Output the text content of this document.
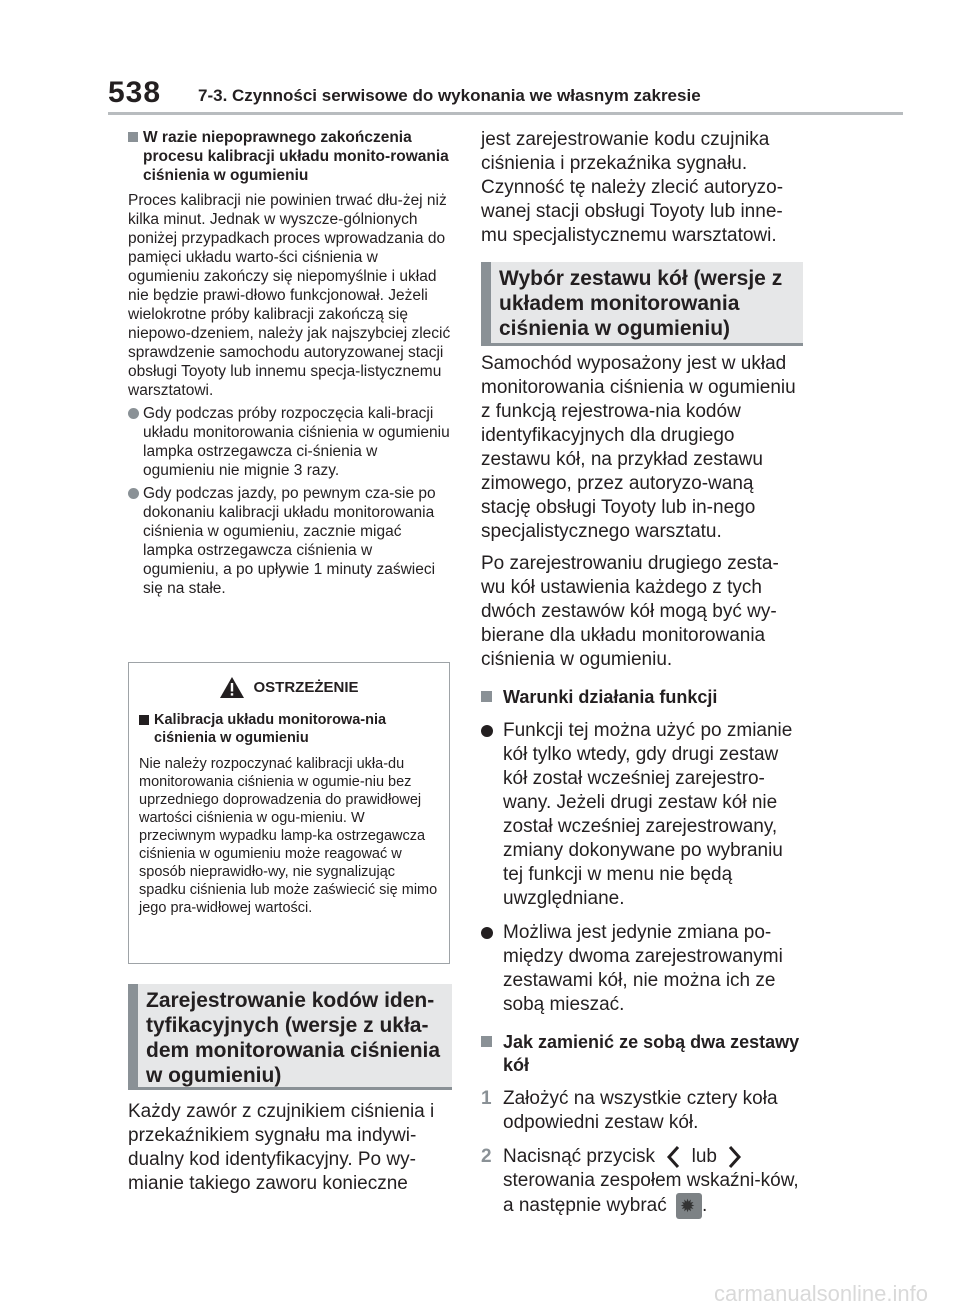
538 7-3. Czynności serwisowe do wykonania we własnym zakresie
W razie niepoprawnego zakończenia procesu kalibracji układu monito-rowania ciśnienia w ogumieniu

Proces kalibracji nie powinien trwać dłu-żej niż kilka minut. Jednak w wyszcze-gólnionych poniżej przypadkach proces wprowadzania do pamięci układu warto-ści ciśnienia w ogumieniu zakończy się niepomyślnie i układ nie będzie prawi-dłowo funkcjonował. Jeżeli wielokrotne próby kalibracji zakończą się niepowo-dzeniem, należy jak najszybciej zlecić sprawdzenie samochodu autoryzowanej stacji obsługi Toyoty lub innemu specja-listycznemu warsztatowi.

Gdy podczas próby rozpoczęcia kali-bracji układu monitorowania ciśnienia w ogumieniu lampka ostrzegawcza ci-śnienia w ogumieniu nie mignie 3 razy.
Gdy podczas jazdy, po pewnym cza-sie po dokonaniu kalibracji układu monitorowania ciśnienia w ogumieniu, zacznie migać lampka ostrzegawcza ciśnienia w ogumieniu, a po upływie 1 minuty zaświeci się na stałe.
OSTRZEŻENIE
Kalibracja układu monitorowa-nia ciśnienia w ogumieniu

Nie należy rozpoczynać kalibracji ukła-du monitorowania ciśnienia w ogumie-niu bez uprzedniego doprowadzenia do prawidłowej wartości ciśnienia w ogu-mieniu. W przeciwnym wypadku lamp-ka ostrzegawcza ciśnienia w ogumieniu może reagować w sposób nieprawidło-wy, nie sygnalizując spadku ciśnienia lub może zaświecić się mimo jego pra-widłowej wartości.

Zarejestrowanie kodów iden-tyfikacyjnych (wersje z ukła-dem monitorowania ciśnienia w ogumieniu)
Każdy zawór z czujnikiem ciśnienia i przekaźnikiem sygnału ma indywi-dualny kod identyfikacyjny. Po wy-mianie takiego zaworu konieczne
jest zarejestrowanie kodu czujnika ciśnienia i przekaźnika sygnału. Czynność tę należy zlecić autoryzo-wanej stacji obsługi Toyoty lub inne-mu specjalistycznemu warsztatowi.
Wybór zestawu kół (wersje z układem monitorowania ciśnienia w ogumieniu)
Samochód wyposażony jest w układ monitorowania ciśnienia w ogumieniu z funkcją rejestrowa-nia kodów identyfikacyjnych dla drugiego zestawu kół, na przykład zestawu zimowego, przez autoryzo-waną stację obsługi Toyoty lub in-nego specjalistycznego warsztatu.
Po zarejestrowaniu drugiego zesta-wu kół ustawienia każdego z tych dwóch zestawów kół mogą być wy-bierane dla układu monitorowania ciśnienia w ogumieniu.
Warunki działania funkcji
Funkcji tej można użyć po zmianie kół tylko wtedy, gdy drugi zestaw kół został wcześniej zarejestro-wany. Jeżeli drugi zestaw kół nie został wcześniej zarejestrowany, zmiany dokonywane po wybraniu tej funkcji w menu nie będą uwzględniane.
Możliwa jest jedynie zmiana po-między dwoma zarejestrowanymi zestawami kół, nie można ich ze sobą mieszać.
Jak zamienić ze sobą dwa zestawy kół
1 Założyć na wszystkie cztery koła odpowiedni zestaw kół.
2 Nacisnąć przycisk lub  sterowania zespołem wskaźni-ków, a następnie wybrać ✹ .
carmanualsonline.info
